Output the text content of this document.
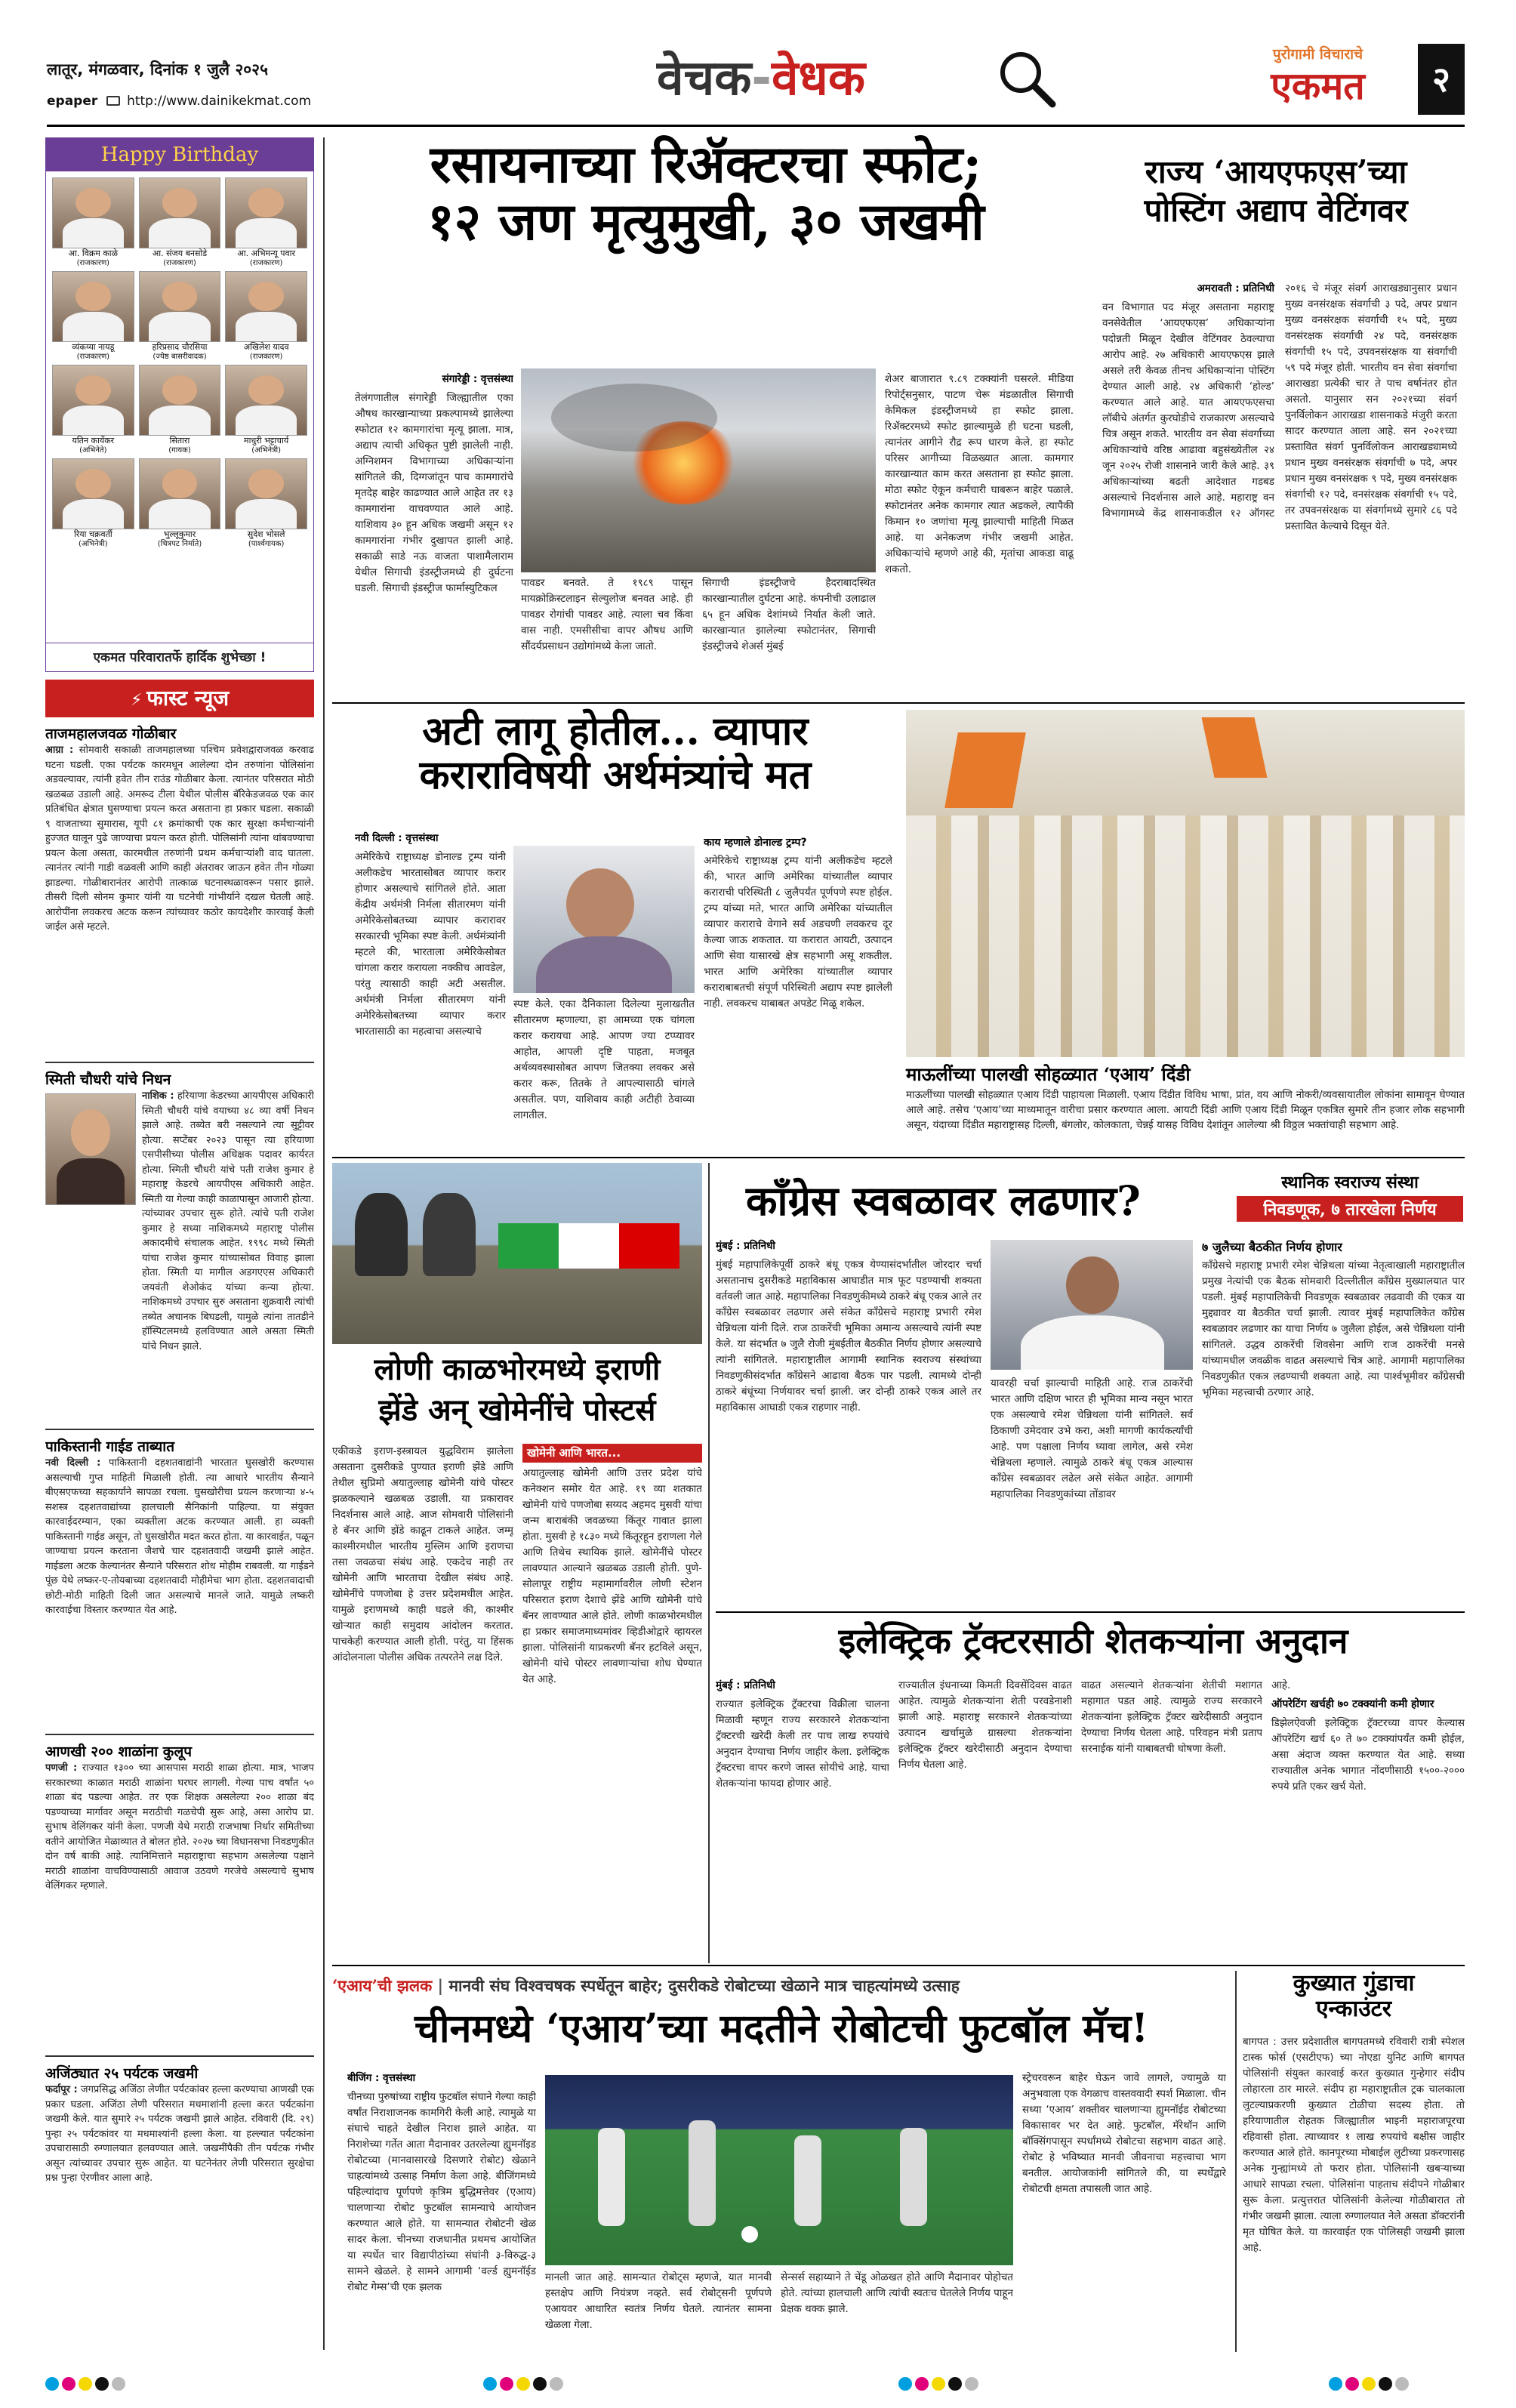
लातूर, मंगळवार, दिनांक १ जुलै २०२५
epaper http://www.dainikekmat.com	वेचक-वेधक	पुरोगामी विचाराचे
एकमत	२
Happy Birthday
आ. विक्रम काळे
(राजकारण)
आ. संजय बनसोडे
(राजकारण)
आ. अभिमन्यू पवार
(राजकारण)
व्यंकय्या नायडू
(राजकारण)
हरिप्रसाद चौरसिया
(ज्येष्ठ बासरीवादक)
अखिलेश यादव
(राजकारण)
यतिन कार्येकर
(अभिनेते)
सितारा
(गायक)
माधुरी भट्टाचार्य
(अभिनेत्री)
रिया चक्रवर्ती
(अभिनेत्री)
भुल्लूकुमार
(चित्रपट निर्माते)
सुदेश भोसले
(पार्श्वगायक)
एकमत परिवारातर्फे हार्दिक शुभेच्छा !
⚡ फास्ट न्यूज
ताजमहालजवळ गोळीबार
आग्रा : सोमवारी सकाळी ताजमहालच्या पश्चिम प्रवेशद्वाराजवळ करवाढ घटना घडली. एका पर्यटक कारमधून आलेल्या दोन तरुणांना पोलिसांना अडवल्यावर, त्यांनी हवेत तीन राउंड गोळीबार केला. त्यानंतर परिसरात मोठी खळबळ उडाली आहे. अमरूद टीला येथील पोलीस बॅरिकेडजवळ एक कार प्रतिबंधित क्षेत्रात घुसण्याचा प्रयत्न करत असताना हा प्रकार घडला. सकाळी ९ वाजताच्या सुमारास, यूपी ८१ क्रमांकाची एक कार सुरक्षा कर्मचाऱ्यांनी हुज्जत घालून पुढे जाण्याचा प्रयत्न करत होती. पोलिसांनी त्यांना थांबवण्याचा प्रयत्न केला असता, कारमधील तरुणांनी प्रथम कर्मचाऱ्यांशी वाद घातला. त्यानंतर त्यांनी गाडी वळवली आणि काही अंतरावर जाऊन हवेत तीन गोळ्या झाडल्या. गोळीबारानंतर आरोपी तात्काळ घटनास्थळावरून पसार झाले. तीसरी दिली सोनम कुमार यांनी या घटनेची गांभीर्याने दखल घेतली आहे. आरोपींना लवकरच अटक करून त्यांच्यावर कठोर कायदेशीर कारवाई केली जाईल असे म्हटले.
स्मिती चौधरी यांचे निधन
नाशिक : हरियाणा केडरच्या आयपीएस अधिकारी स्मिती चौधरी यांचे वयाच्या ४८ व्या वर्षी निधन झाले आहे. तब्येत बरी नसल्याने त्या सुट्टीवर होत्या. सप्टेंबर २०२३ पासून त्या हरियाणा एसपीसीच्या पोलीस अधिक्षक पदावर कार्यरत होत्या. स्मिती चौधरी यांचे पती राजेश कुमार हे महाराष्ट्र केडरचे आयपीएस अधिकारी आहेत. स्मिती या गेल्या काही काळापासून आजारी होत्या. त्यांच्यावर उपचार सुरू होते. त्यांचे पती राजेश कुमार हे सध्या नाशिकमध्ये महाराष्ट्र पोलीस अकादमीचे संचालक आहेत. १९९८ मध्ये स्मिती यांचा राजेश कुमार यांच्यासोबत विवाह झाला होता. स्मिती या मागील अडगएएस अधिकारी जयवंती शेओकंद यांच्या कन्या होत्या. नाशिकमध्ये उपचार सुरु असताना शुक्रवारी त्यांची तब्येत अचानक बिघडली, यामुळे त्यांना तातडीने हॉस्पिटलमध्ये हलविण्यात आले असता स्मिती यांचे निधन झाले.
पाकिस्तानी गाईड ताब्यात
नवी दिल्ली : पाकिस्तानी दहशतवाद्यांनी भारतात घुसखोरी करण्यास असल्याची गुप्त माहिती मिळाली होती. त्या आधारे भारतीय सैन्याने बीएसएफच्या सहकार्याने सापळा रचला. घुसखोरीचा प्रयत्न करणाऱ्या ४-५ सशस्त्र दहशतवाद्यांच्या हालचाली सैनिकांनी पाहिल्या. या संयुक्त कारवाईदरम्यान, एका व्यक्तीला अटक करण्यात आली. हा व्यक्ती पाकिस्तानी गाईड असून, तो घुसखोरीत मदत करत होता. या कारवाईत, पळून जाण्याचा प्रयत्न करताना जैशचे चार दहशतवादी जखमी झाले आहेत. गाईडला अटक केल्यानंतर सैन्याने परिसरात शोध मोहीम राबवली. या गाईडने पूंछ येथे लष्कर-ए-तोयबाच्या दहशतवादी मोहीमेचा भाग होता. दहशतवादाची छोटी-मोठी माहिती दिली जात असल्याचे मानले जाते. यामुळे लष्करी कारवाईचा विस्तार करण्यात येत आहे.
आणखी २०० शाळांना कुलूप
पणजी : राज्यात १३०० च्या आसपास मराठी शाळा होत्या. मात्र, भाजप सरकारच्या काळात मराठी शाळांना घरघर लागली. गेल्या पाच वर्षांत ५० शाळा बंद पडल्या आहेत. तर एक शिक्षक असलेल्या २०० शाळा बंद पडण्याच्या मार्गावर असून मराठीची गळचेपी सुरू आहे, असा आरोप प्रा. सुभाष वेलिंगकर यांनी केला. पणजी येथे मराठी राजभाषा निर्धार समितीच्या वतीने आयोजित मेळाव्यात ते बोलत होते. २०२७ च्या विधानसभा निवडणुकीत दोन वर्ष बाकी आहे. त्यानिमित्ताने महाराष्ट्राचा सहभाग असलेल्या पक्षाने मराठी शाळांना वाचविण्यासाठी आवाज उठवणे गरजेचे असल्याचे सुभाष वेलिंगकर म्हणाले.
अजिंठ्यात २५ पर्यटक जखमी
फर्दापूर : जगप्रसिद्ध अजिंठा लेणीत पर्यटकांवर हल्ला करण्याचा आणखी एक प्रकार घडला. अजिंठा लेणी परिसरात मधमाशांनी हल्ला करत पर्यटकांना जखमी केले. यात सुमारे २५ पर्यटक जखमी झाले आहेत. रविवारी (दि. २९) पुन्हा २५ पर्यटकांवर या मधमाश्यांनी हल्ला केला. या हल्ल्यात पर्यटकांना उपचारासाठी रुग्णालयात हलवण्यात आले. जखमींपैकी तीन पर्यटक गंभीर असून त्यांच्यावर उपचार सुरू आहेत. या घटनेनंतर लेणी परिसरात सुरक्षेचा प्रश्न पुन्हा ऐरणीवर आला आहे.
रसायनाच्या रिॲक्टरचा स्फोट;
१२ जण मृत्युमुखी, ३० जखमी
संगारेड्डी : वृत्तसंस्था
तेलंगणातील संगारेड्डी जिल्ह्यातील एका औषध कारखान्याच्या प्रकल्पामध्ये झालेल्या स्फोटात १२ कामगारांचा मृत्यू झाला. मात्र, अद्याप त्याची अधिकृत पुष्टी झालेली नाही. अग्निशमन विभागाच्या अधिकाऱ्यांना सांगितले की, दिग्गजांतून पाच कामगारांचे मृतदेह बाहेर काढण्यात आले आहेत तर १३ कामगारांना वाचवण्यात आले आहे. याशिवाय ३० हून अधिक जखमी असून १२ कामगारांना गंभीर दुखापत झाली आहे. सकाळी साडे नऊ वाजता पाशामैलाराम येथील सिगाची इंडस्ट्रीजमध्ये ही दुर्घटना घडली. सिगाची इंडस्ट्रीज फार्मास्युटिकल	पावडर बनवते. ते १९८९ पासून मायक्रोक्रिस्टलाइन सेल्युलोज बनवत आहे. ही पावडर रोगांची पावडर आहे. त्याला चव किंवा वास नाही. एमसीसीचा वापर औषध आणि सौंदर्यप्रसाधन उद्योगांमध्ये केला जातो.
सिगाची इंडस्ट्रीजचे हैदराबादस्थित कारखान्यातील दुर्घटना आहे. कंपनीची उलाढाल ६५ हून अधिक देशांमध्ये निर्यात केली जाते. कारखान्यात झालेल्या स्फोटानंतर, सिगाची इंडस्ट्रीजचे शेअर्स मुंबई
शेअर बाजारात ९.८९ टक्क्यांनी घसरले. मीडिया रिपोर्ट्सनुसार, पाटण चेरू मंडळातील सिगाची केमिकल इंडस्ट्रीजमध्ये हा स्फोट झाला. रिॲक्टरमध्ये स्फोट झाल्यामुळे ही घटना घडली, त्यानंतर आगीने रौद्र रूप धारण केले. हा स्फोट परिसर आगीच्या विळख्यात आला. कामगार कारखान्यात काम करत असताना हा स्फोट झाला. मोठा स्फोट ऐकून कर्मचारी घाबरून बाहेर पळाले. स्फोटानंतर अनेक कामगार त्यात अडकले, त्यापैकी किमान १० जणांचा मृत्यू झाल्याची माहिती मिळत आहे. या अनेकजण गंभीर जखमी आहेत. अधिकाऱ्यांचे म्हणणे आहे की, मृतांचा आकडा वाढू शकतो.
राज्य ‘आयएफएस’च्या
पोस्टिंग अद्याप वेटिंगवर
अमरावती : प्रतिनिधी
वन विभागात पद मंजूर असताना महाराष्ट्र वनसेवेतील ‘आयएफएस’ अधिकाऱ्यांना पदोन्नती मिळून देखील वेटिंगवर ठेवल्याचा आरोप आहे. २७ अधिकारी आयएफएस झाले असले तरी केवळ तीनच अधिकाऱ्यांना पोस्टिंग देण्यात आली आहे. २४ अधिकारी ‘होल्ड’ करण्यात आले आहे. यात आयएफएसचा लॉबीचे अंतर्गत कुरघोडीचे राजकारण असल्याचे चित्र असून शकते. भारतीय वन सेवा संवर्गाच्या अधिकाऱ्यांचे वरिष्ठ आढावा बहुसंख्येतील २४ जून २०२५ रोजी शासनाने जारी केले आहे. ३९ अधिकाऱ्यांच्या बढती आदेशात गडबड असल्याचे निदर्शनास आले आहे. महाराष्ट्र वन विभागामध्ये केंद्र शासनाकडील १२ ऑगस्ट २०१६ चे मंजूर संवर्ग आराखड्यानुसार प्रधान मुख्य वनसंरक्षक संवर्गाची ३ पदे, अपर प्रधान मुख्य वनसंरक्षक संवर्गाची १५ पदे, मुख्य वनसंरक्षक संवर्गाची २४ पदे, वनसंरक्षक संवर्गाची १५ पदे, उपवनसंरक्षक या संवर्गाची ५९ पदे मंजूर होती. भारतीय वन सेवा संवर्गाचा आराखडा प्रत्येकी चार ते पाच वर्षानंतर होत असतो. यानुसार सन २०२१च्या संवर्ग पुनर्विलोकन आराखडा शासनाकडे मंजुरी करता सादर करण्यात आला आहे. सन २०२१च्या प्रस्तावित संवर्ग पुनर्विलोकन आराखड्यामध्ये प्रधान मुख्य वनसंरक्षक संवर्गाची ७ पदे, अपर प्रधान मुख्य वनसंरक्षक ९ पदे, मुख्य वनसंरक्षक संवर्गाची १२ पदे, वनसंरक्षक संवर्गाची १५ पदे, तर उपवनसंरक्षक या संवर्गामध्ये सुमारे ८६ पदे प्रस्तावित केल्याचे दिसून येते.
अटी लागू होतील... व्यापार
कराराविषयी अर्थमंत्र्यांचे मत
नवी दिल्ली : वृत्तसंस्था
अमेरिकेचे राष्ट्राध्यक्ष डोनाल्ड ट्रम्प यांनी अलीकडेच भारतासोबत व्यापार करार होणार असल्याचे सांगितले होते. आता केंद्रीय अर्थमंत्री निर्मला सीतारमण यांनी अमेरिकेसोबतच्या व्यापार करारावर सरकारची भूमिका स्पष्ट केली. अर्थमंत्र्यांनी म्हटले की, भारताला अमेरिकेसोबत चांगला करार करायला नक्कीच आवडेल, परंतु त्यासाठी काही अटी असतील. अर्थमंत्री निर्मला सीतारमण यांनी अमेरिकेसोबतच्या व्यापार करार भारतासाठी का महत्वाचा असल्याचे
स्पष्ट केले. एका दैनिकाला दिलेल्या मुलाखतीत सीतारमण म्हणाल्या, हा आमच्या एक चांगला करार करायचा आहे. आपण ज्या टप्प्यावर आहोत, आपली दृष्टि पाहता, मजबूत अर्थव्यवस्थासोबत आपण जितक्या लवकर असे करार करू, तितके ते आपल्यासाठी चांगले असतील. पण, याशिवाय काही अटीही ठेवाव्या लागतील.
काय म्हणाले डोनाल्ड ट्रम्प?
अमेरिकेचे राष्ट्राध्यक्ष ट्रम्प यांनी अलीकडेच म्हटले की, भारत आणि अमेरिका यांच्यातील व्यापार कराराची परिस्थिती ८ जुलैपर्यंत पूर्णपणे स्पष्ट होईल. ट्रम्प यांच्या मते, भारत आणि अमेरिका यांच्यातील व्यापार कराराचे वेगाने सर्व अडचणी लवकरच दूर केल्या जाऊ शकतात. या करारात आयटी, उत्पादन आणि सेवा यासारखे क्षेत्र सहभागी असू शकतील. भारत आणि अमेरिका यांच्यातील व्यापार कराराबाबतची संपूर्ण परिस्थिती अद्याप स्पष्ट झालेली नाही. लवकरच याबाबत अपडेट मिळू शकेल.
माऊलींच्या पालखी सोहळ्यात ‘एआय’ दिंडी
माऊलींच्या पालखी सोहळ्यात एआय दिंडी पाहायला मिळाली. एआय दिंडीत विविध भाषा, प्रांत, वय आणि नोकरी/व्यवसायातील लोकांना सामावून घेण्यात आले आहे. तसेच ‘एआय’च्या माध्यमातून वारीचा प्रसार करण्यात आला. आयटी दिंडी आणि एआय दिंडी मिळून एकत्रित सुमारे तीन हजार लोक सहभागी असून, यंदाच्या दिंडीत महाराष्ट्रासह दिल्ली, बंगलोर, कोलकाता, चेन्नई यासह विविध देशांतून आलेल्या श्री विठ्ठल भक्तांचाही सहभाग आहे.
लोणी काळभोरमध्ये इराणी
झेंडे अन् खोमेनींचे पोस्टर्स
एकीकडे इराण-इस्त्रायल युद्धविराम झालेला असताना दुसरीकडे पुण्यात इराणी झेंडे आणि तेथील सुप्रिमो अयातुल्लाह खोमेनी यांचे पोस्टर झळकल्याने खळबळ उडाली. या प्रकारावर निदर्शनास आले आहे. आज सोमवारी पोलिसांनी हे बॅनर आणि झेंडे काढून टाकले आहेत. जम्मू काश्मीरमधील भारतीय मुस्लिम आणि इराणचा तसा जवळचा संबंध आहे. एकदेच नाही तर खोमेनी आणि भारताचा देखील संबंध आहे. खोमेनींचे पणजोबा हे उत्तर प्रदेशमधील आहेत. यामुळे इराणमध्ये काही घडले की, काश्मीर खोऱ्यात काही समुदाय आंदोलन करतात. पाचकेही करण्यात आली होती. परंतु, या हिंसक आंदोलनाला पोलीस अधिक तत्परतेने लक्ष दिले.
खोमेनी आणि भारत...
अयातुल्लाह खोमेनी आणि उत्तर प्रदेश यांचे कनेक्शन समोर येत आहे. १९ व्या शतकात खोमेनी यांचे पणजोबा सय्यद अहमद मुसवी यांचा जन्म बाराबंकी जवळच्या किंतूर गावात झाला होता. मुसवी हे १८३० मध्ये किंतूरहून इराणला गेले आणि तिथेच स्थायिक झाले. खोमेनींचे पोस्टर लावण्यात आल्याने खळबळ उडाली होती. पुणे-सोलापूर राष्ट्रीय महामार्गावरील लोणी स्टेशन परिसरात इराण देशाचे झेंडे आणि खोमेनी यांचे बॅनर लावण्यात आले होते. लोणी काळभोरमधील हा प्रकार समाजमाध्यमांवर व्हिडीओद्वारे व्हायरल झाला. पोलिसांनी याप्रकरणी बॅनर हटविले असून, खोमेनी यांचे पोस्टर लावणाऱ्यांचा शोध घेण्यात येत आहे.
काँग्रेस स्वबळावर लढणार?	स्थानिक स्वराज्य संस्था
निवडणूक, ७ तारखेला निर्णय
मुंबई : प्रतिनिधी
मुंबई महापालिकेपूर्वी ठाकरे बंधू एकत्र येण्यासंदर्भातील जोरदार चर्चा असतानाच दुसरीकडे महाविकास आघाडीत मात्र फूट पडण्याची शक्यता वर्तवली जात आहे. महापालिका निवडणुकीमध्ये ठाकरे बंधू एकत्र आले तर काँग्रेस स्वबळावर लढणार असे संकेत काँग्रेसचे महाराष्ट्र प्रभारी रमेश चेन्निथला यांनी दिले. राज ठाकरेंची भूमिका अमान्य असल्याचे त्यांनी स्पष्ट केले. या संदर्भात ७ जुलै रोजी मुंबईतील बैठकीत निर्णय होणार असल्याचे त्यांनी सांगितले. महाराष्ट्रातील आगामी स्थानिक स्वराज्य संस्थांच्या निवडणुकीसंदर्भात काँग्रेसने आढावा बैठक पार पडली. त्यामध्ये दोन्ही ठाकरे बंधूंच्या निर्णयावर चर्चा झाली. जर दोन्ही ठाकरे एकत्र आले तर महाविकास आघाडी एकत्र राहणार नाही.
यावरही चर्चा झाल्याची माहिती आहे. राज ठाकरेंची भारत आणि दक्षिण भारत ही भूमिका मान्य नसून भारत एक असल्याचे रमेश चेन्निथला यांनी सांगितले. सर्व ठिकाणी उमेदवार उभे करा, अशी मागणी कार्यकर्त्यांची आहे. पण पक्षाला निर्णय घ्यावा लागेल, असे रमेश चेन्निथला म्हणाले. त्यामुळे ठाकरे बंधू एकत्र आल्यास काँग्रेस स्वबळावर लढेल असे संकेत आहेत. आगामी महापालिका निवडणुकांच्या तोंडावर
७ जुलैच्या बैठकीत निर्णय होणार
काँग्रेसचे महाराष्ट्र प्रभारी रमेश चेन्निथला यांच्या नेतृत्वाखाली महाराष्ट्रातील प्रमुख नेत्यांची एक बैठक सोमवारी दिल्लीतील काँग्रेस मुख्यालयात पार पडली. मुंबई महापालिकेची निवडणूक स्वबळावर लढवावी की एकत्र या मुद्द्यावर या बैठकीत चर्चा झाली. त्यावर मुंबई महापालिकेत काँग्रेस स्वबळावर लढणार का याचा निर्णय ७ जुलैला होईल, असे चेन्निथला यांनी सांगितले. उद्धव ठाकरेंची शिवसेना आणि राज ठाकरेंची मनसे यांच्यामधील जवळीक वाढत असल्याचे चित्र आहे. आगामी महापालिका निवडणुकीत एकत्र लढण्याची शक्यता आहे. त्या पार्श्वभूमीवर काँग्रेसची भूमिका महत्त्वाची ठरणार आहे.
इलेक्ट्रिक ट्रॅक्टरसाठी शेतकऱ्यांना अनुदान
मुंबई : प्रतिनिधी
राज्यात इलेक्ट्रिक ट्रॅक्टरचा विक्रीला चालना मिळावी म्हणून राज्य सरकारने शेतकऱ्यांना ट्रॅक्टरची खरेदी केली तर पाच लाख रुपयांचे अनुदान देण्याचा निर्णय जाहीर केला. इलेक्ट्रिक ट्रॅक्टरचा वापर करणे जास्त सोयीचे आहे. याचा शेतकऱ्यांना फायदा होणार आहे.
राज्यातील इंधनाच्या किमती दिवसेंदिवस वाढत आहेत. त्यामुळे शेतकऱ्यांना शेती परवडेनाशी झाली आहे. महाराष्ट्र सरकारने शेतकऱ्यांच्या उत्पादन खर्चामुळे ग्रासल्या शेतकऱ्यांना इलेक्ट्रिक ट्रॅक्टर खरेदीसाठी अनुदान देण्याचा निर्णय घेतला आहे.
वाढत असल्याने शेतकऱ्यांना शेतीची मशागत महागात पडत आहे. त्यामुळे राज्य सरकारने शेतकऱ्यांना इलेक्ट्रिक ट्रॅक्टर खरेदीसाठी अनुदान देण्याचा निर्णय घेतला आहे. परिवहन मंत्री प्रताप सरनाईक यांनी याबाबतची घोषणा केली.
आहे.
ऑपरेटिंग खर्चही ७० टक्क्यांनी कमी होणार
डिझेलऐवजी इलेक्ट्रिक ट्रॅक्टरच्या वापर केल्यास ऑपरेटिंग खर्च ६० ते ७० टक्क्यांपर्यंत कमी होईल, असा अंदाज व्यक्त करण्यात येत आहे. सध्या राज्यातील अनेक भागात नोंदणीसाठी १५००-२००० रुपये प्रति एकर खर्च येतो.
‘एआय’ची झलक | मानवी संघ विश्वचषक स्पर्धेतून बाहेर; दुसरीकडे रोबोटच्या खेळाने मात्र चाहत्यांमध्ये उत्साह
चीनमध्ये ‘एआय’च्या मदतीने रोबोटची फुटबॉल मॅच!
बीजिंग : वृत्तसंस्था
चीनच्या पुरुषांच्या राष्ट्रीय फुटबॉल संघाने गेल्या काही वर्षांत निराशाजनक कामगिरी केली आहे. त्यामुळे या संघाचे चाहते देखील निराश झाले आहेत. या निराशेच्या गर्तेत आता मैदानावर उतरलेल्या ह्युमनॉइड रोबोटच्या (मानवासारखे दिसणारे रोबोट) खेळाने चाहत्यांमध्ये उत्साह निर्माण केला आहे. बीजिंगमध्ये पहिल्यांदाच पूर्णपणे कृत्रिम बुद्धिमत्तेवर (एआय) चालणाऱ्या रोबोट फुटबॉल सामन्याचे आयोजन करण्यात आले होते. या सामन्यात रोबोटनी खेळ सादर केला. चीनच्या राजधानीत प्रथमच आयोजित या स्पर्धेत चार विद्यापीठांच्या संघांनी ३-विरुद्ध-३ सामने खेळले. हे सामने आगामी ‘वर्ल्ड ह्युमनॉईड रोबोट गेम्स’ची एक झलक
मानली जात आहे. सामन्यात रोबोट्स म्हणजे, यात मानवी हस्तक्षेप आणि नियंत्रण नव्हते. सर्व रोबोट्सनी पूर्णपणे एआयवर आधारित स्वतंत्र निर्णय घेतले. त्यानंतर सामना खेळला गेला.
सेन्सर्स सहाय्याने ते चेंडू ओळखत होते आणि मैदानावर पोहोचत होते. त्यांच्या हालचाली आणि त्यांची स्वतःच घेतलेले निर्णय पाहून प्रेक्षक थक्क झाले.
स्ट्रेचरवरून बाहेर घेऊन जावे लागले, ज्यामुळे या अनुभवाला एक वेगळाच वास्तववादी स्पर्श मिळाला. चीन सध्या ‘एआय’ शक्तीवर चालणाऱ्या ह्युमनॉईड रोबोटच्या विकासावर भर देत आहे. फुटबॉल, मॅरेथॉन आणि बॉक्सिंगपासून स्पर्धांमध्ये रोबोटचा सहभाग वाढत आहे. रोबोट हे भविष्यात मानवी जीवनाचा महत्त्वाचा भाग बनतील. आयोजकांनी सांगितले की, या स्पर्धेद्वारे रोबोटची क्षमता तपासली जात आहे.
कुख्यात गुंडाचा
एन्काउंटर
बागपत : उत्तर प्रदेशातील बागपतमध्ये रविवारी रात्री स्पेशल टास्क फोर्स (एसटीएफ) च्या नोएडा युनिट आणि बागपत पोलिसांनी संयुक्त कारवाई करत कुख्यात गुन्हेगार संदीप लोहारला ठार मारले. संदीप हा महाराष्ट्रातील ट्रक चालकाला लुटल्याप्रकरणी कुख्यात टोळीचा सदस्य होता. तो हरियाणातील रोहतक जिल्ह्यातील भाइनी महाराजपूरचा रहिवासी होता. त्याच्यावर १ लाख रुपयांचे बक्षीस जाहीर करण्यात आले होते. कानपूरच्या मोबाईल लुटीच्या प्रकरणासह अनेक गुन्ह्यांमध्ये तो फरार होता. पोलिसांनी खबऱ्याच्या आधारे सापळा रचला. पोलिसांना पाहताच संदीपने गोळीबार सुरू केला. प्रत्युत्तरात पोलिसांनी केलेल्या गोळीबारात तो गंभीर जखमी झाला. त्याला रुग्णालयात नेले असता डॉक्टरांनी मृत घोषित केले. या कारवाईत एक पोलिसही जखमी झाला आहे.
